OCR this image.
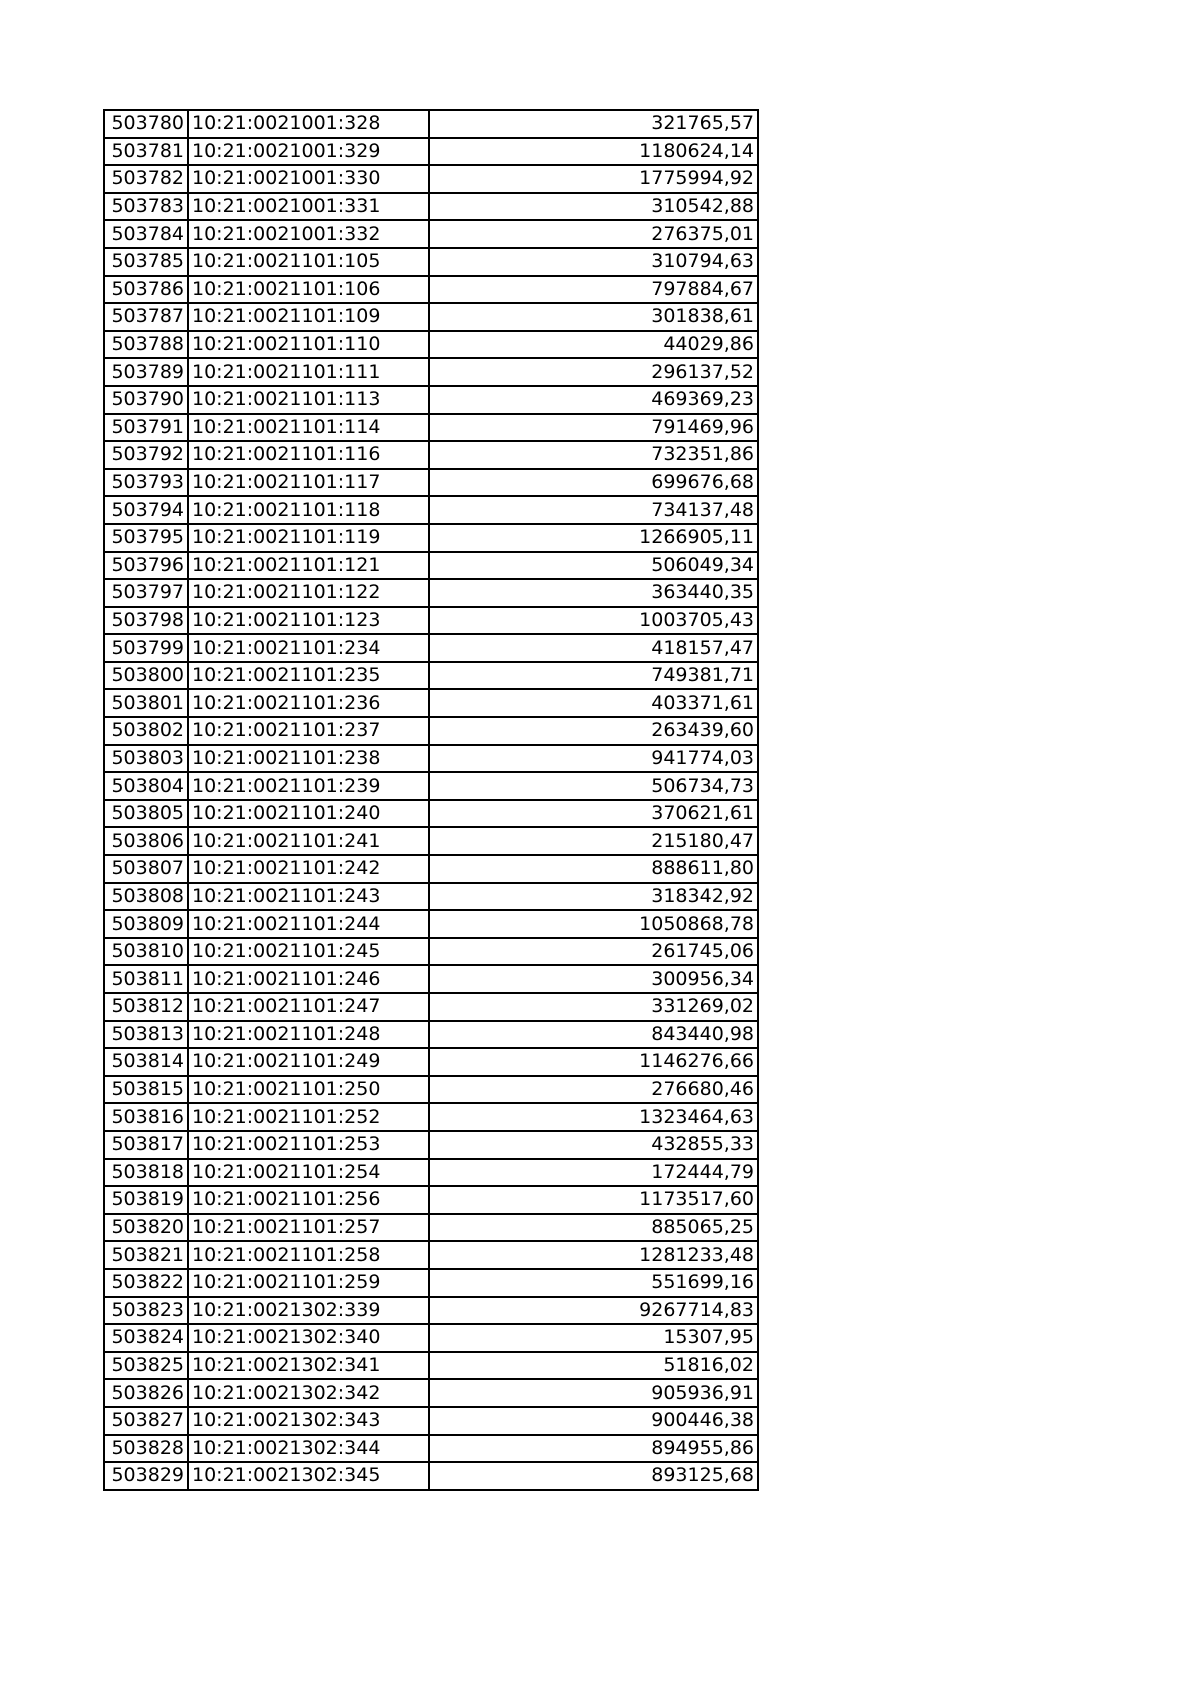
503780	10:21:0021001:328	321765,57
503781	10:21:0021001:329	1180624,14
503782	10:21:0021001:330	1775994,92
503783	10:21:0021001:331	310542,88
503784	10:21:0021001:332	276375,01
503785	10:21:0021101:105	310794,63
503786	10:21:0021101:106	797884,67
503787	10:21:0021101:109	301838,61
503788	10:21:0021101:110	44029,86
503789	10:21:0021101:111	296137,52
503790	10:21:0021101:113	469369,23
503791	10:21:0021101:114	791469,96
503792	10:21:0021101:116	732351,86
503793	10:21:0021101:117	699676,68
503794	10:21:0021101:118	734137,48
503795	10:21:0021101:119	1266905,11
503796	10:21:0021101:121	506049,34
503797	10:21:0021101:122	363440,35
503798	10:21:0021101:123	1003705,43
503799	10:21:0021101:234	418157,47
503800	10:21:0021101:235	749381,71
503801	10:21:0021101:236	403371,61
503802	10:21:0021101:237	263439,60
503803	10:21:0021101:238	941774,03
503804	10:21:0021101:239	506734,73
503805	10:21:0021101:240	370621,61
503806	10:21:0021101:241	215180,47
503807	10:21:0021101:242	888611,80
503808	10:21:0021101:243	318342,92
503809	10:21:0021101:244	1050868,78
503810	10:21:0021101:245	261745,06
503811	10:21:0021101:246	300956,34
503812	10:21:0021101:247	331269,02
503813	10:21:0021101:248	843440,98
503814	10:21:0021101:249	1146276,66
503815	10:21:0021101:250	276680,46
503816	10:21:0021101:252	1323464,63
503817	10:21:0021101:253	432855,33
503818	10:21:0021101:254	172444,79
503819	10:21:0021101:256	1173517,60
503820	10:21:0021101:257	885065,25
503821	10:21:0021101:258	1281233,48
503822	10:21:0021101:259	551699,16
503823	10:21:0021302:339	9267714,83
503824	10:21:0021302:340	15307,95
503825	10:21:0021302:341	51816,02
503826	10:21:0021302:342	905936,91
503827	10:21:0021302:343	900446,38
503828	10:21:0021302:344	894955,86
503829	10:21:0021302:345	893125,68
